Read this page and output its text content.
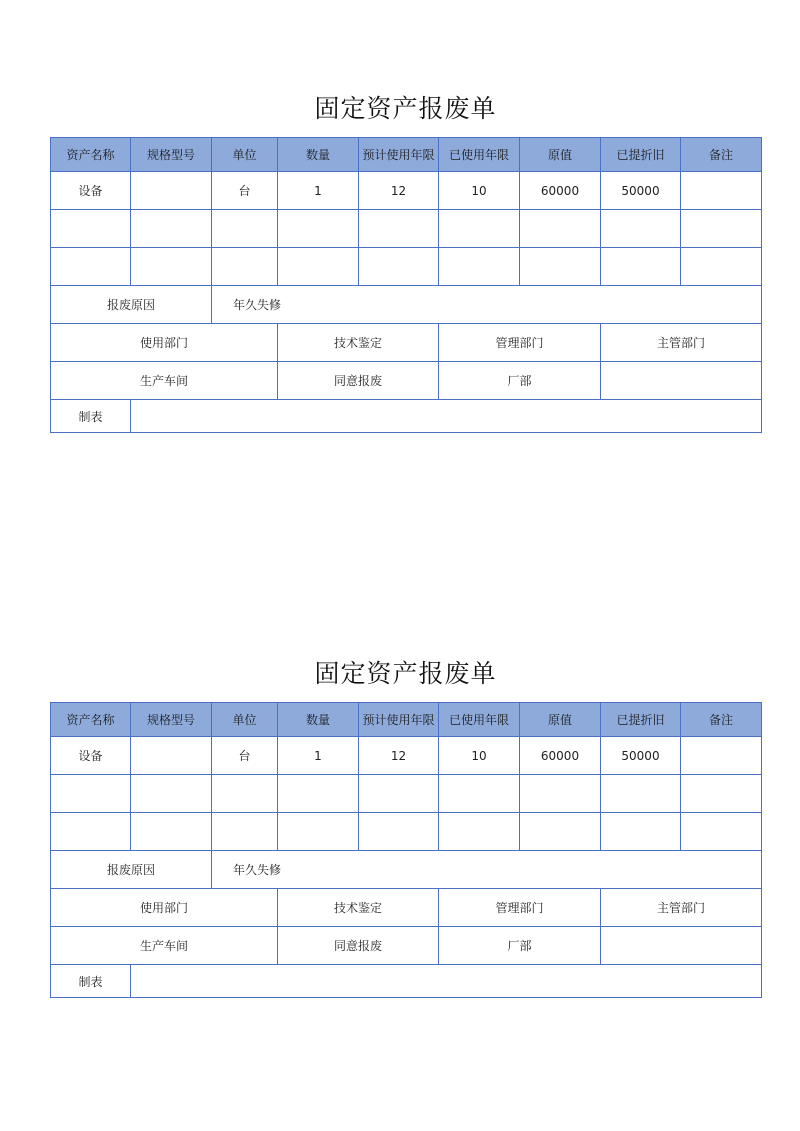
固定资产报废单
资产名称	规格型号	单位	数量	预计使用年限	已使用年限	原值	已提折旧	备注
设备		台	1	12	10	60000	50000	

报废原因		年久失修						
使用部门			技术鉴定		管理部门		主管部门	
生产车间			同意报废		厂部			
制表								
固定资产报废单
资产名称	规格型号	单位	数量	预计使用年限	已使用年限	原值	已提折旧	备注
设备		台	1	12	10	60000	50000	

报废原因		年久失修						
使用部门			技术鉴定		管理部门		主管部门	
生产车间			同意报废		厂部			
制表								
